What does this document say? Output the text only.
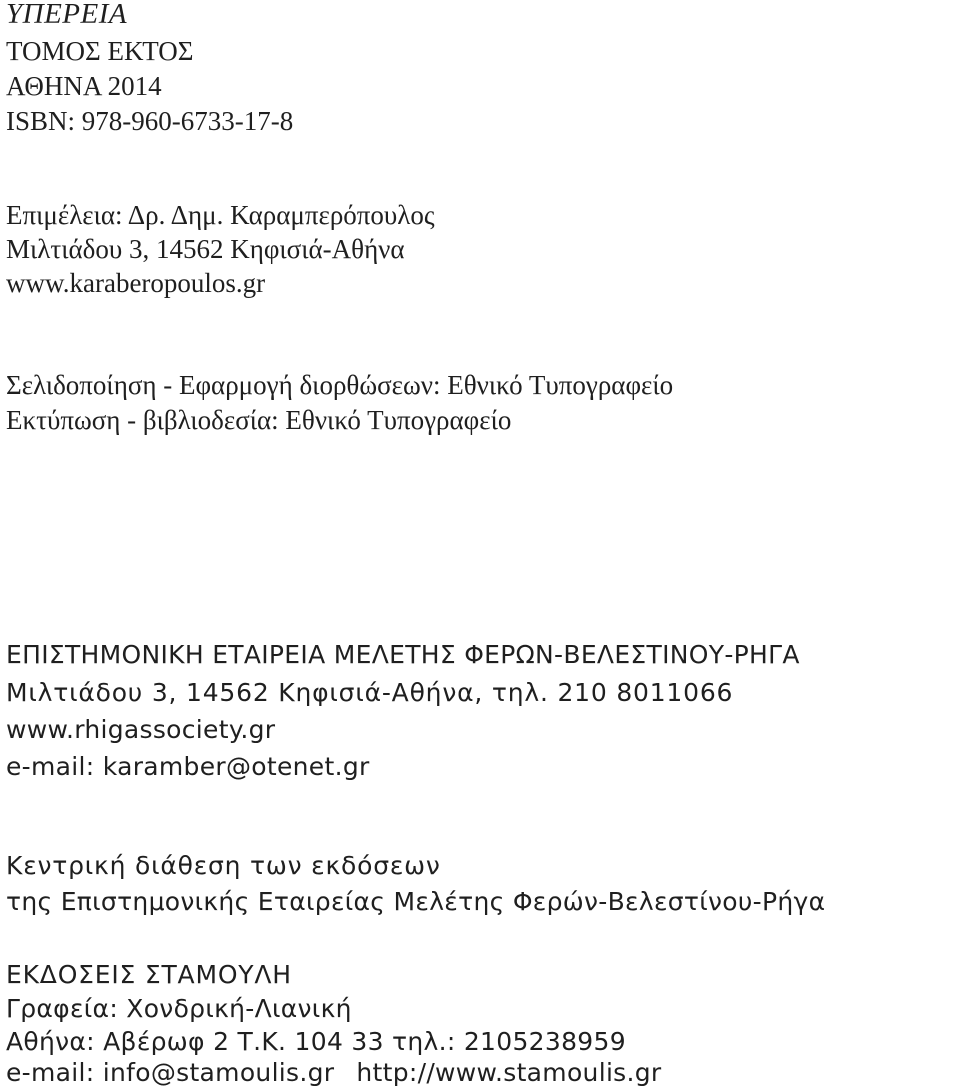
ΥΠΕΡΕΙΑ
ΤΟΜΟΣ ΕΚΤΟΣ
ΑΘΗΝΑ 2014
ISBN: 978-960-6733-17-8
Επιμέλεια: Δρ. Δημ. Καραμπερόπουλος
Μιλτιάδου 3, 14562 Κηφισιά-Αθήνα
www.karaberopoulos.gr
Σελιδοποίηση - Εφαρμογή διορθώσεων: Εθνικό Τυπογραφείο
Εκτύπωση - βιβλιοδεσία: Εθνικό Τυπογραφείο
ΕΠΙΣΤΗΜΟΝΙΚΗ ΕΤΑΙΡΕΙΑ ΜΕΛΕΤΗΣ ΦΕΡΩΝ-ΒΕΛΕΣΤΙΝΟΥ-ΡΗΓΑ
Μιλτιάδου 3, 14562 Κηφισιά-Αθήνα, τηλ. 210 8011066
www.rhigassociety.gr
e-mail: karamber@otenet.gr
Κεντρική διάθεση των εκδόσεων
της Επιστημονικής Εταιρείας Μελέτης Φερών-Βελεστίνου-Ρήγα
ΕΚΔΟΣΕΙΣ ΣΤΑΜΟΥΛΗ
Γραφεία: Χονδρική-Λιανική
Αθήνα: Αβέρωφ 2 Τ.Κ. 104 33 τηλ.: 2105238959
e-mail: info@stamoulis.gr http://www.stamoulis.gr
